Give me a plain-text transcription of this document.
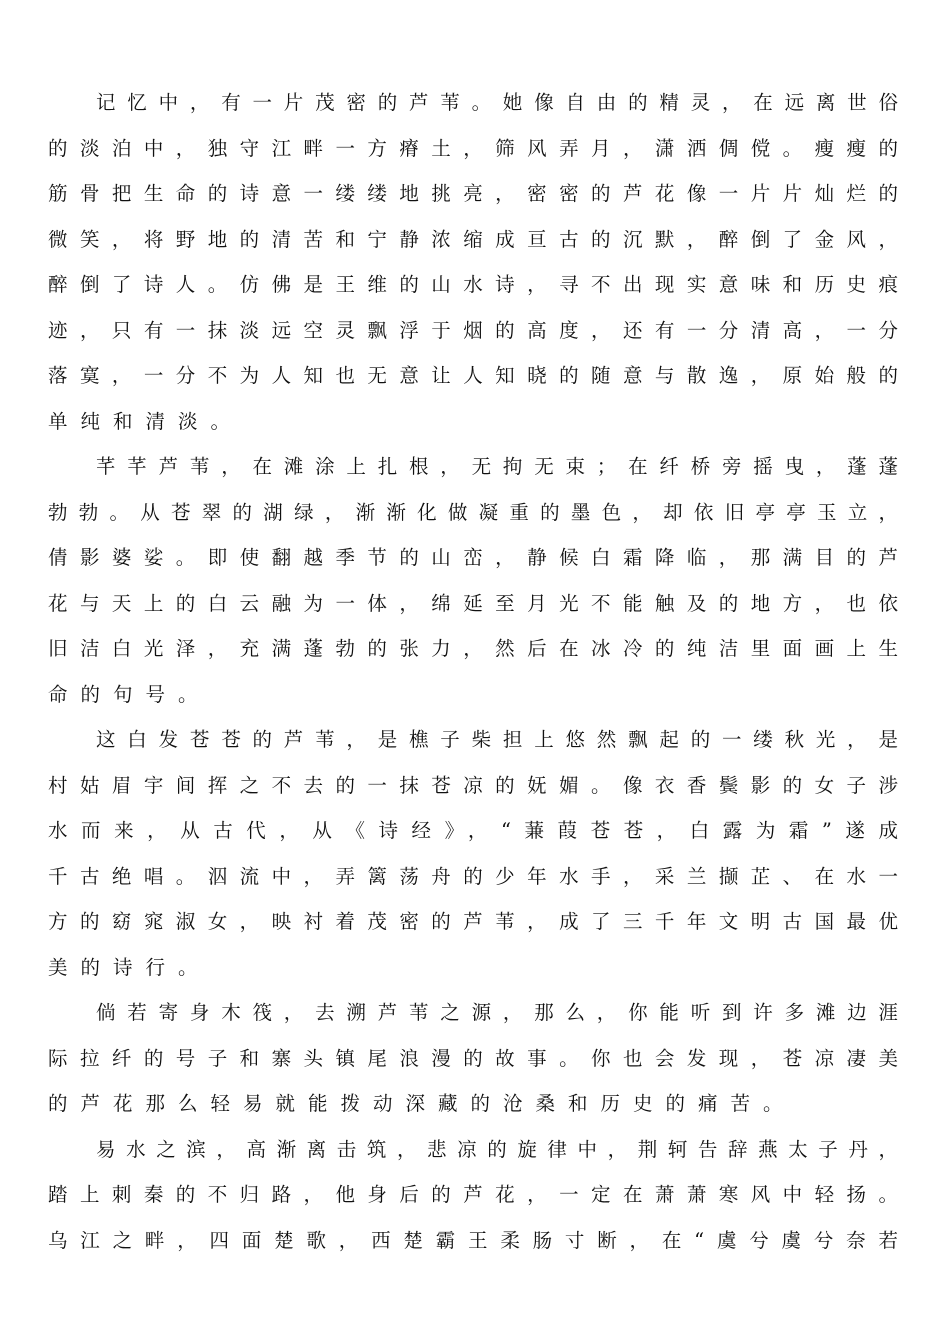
记忆中，有一片茂密的芦苇。她像自由的精灵，在远离世俗
的淡泊中，独守江畔一方瘠土，筛风弄月，潇洒倜傥。瘦瘦的
筋骨把生命的诗意一缕缕地挑亮，密密的芦花像一片片灿烂的
微笑，将野地的清苦和宁静浓缩成亘古的沉默，醉倒了金风，
醉倒了诗人。仿佛是王维的山水诗，寻不出现实意味和历史痕
迹，只有一抹淡远空灵飘浮于烟的高度，还有一分清高，一分
落寞，一分不为人知也无意让人知晓的随意与散逸，原始般的
单纯和清淡。
芊芊芦苇，在滩涂上扎根，无拘无束；在纤桥旁摇曳，蓬蓬
勃勃。从苍翠的湖绿，渐渐化做凝重的墨色，却依旧亭亭玉立，
倩影婆娑。即使翻越季节的山峦，静候白霜降临，那满目的芦
花与天上的白云融为一体，绵延至月光不能触及的地方，也依
旧洁白光泽，充满蓬勃的张力，然后在冰冷的纯洁里面画上生
命的句号。
这白发苍苍的芦苇，是樵子柴担上悠然飘起的一缕秋光，是
村姑眉宇间挥之不去的一抹苍凉的妩媚。像衣香鬓影的女子涉
水而来，从古代，从《诗经》，“蒹葭苍苍，白露为霜”遂成
千古绝唱。泅流中，弄篱荡舟的少年水手，采兰撷芷、在水一
方的窈窕淑女，映衬着茂密的芦苇，成了三千年文明古国最优
美的诗行。
倘若寄身木筏，去溯芦苇之源，那么，你能听到许多滩边涯
际拉纤的号子和寨头镇尾浪漫的故事。你也会发现，苍凉凄美
的芦花那么轻易就能拨动深藏的沧桑和历史的痛苦。
易水之滨，高渐离击筑，悲凉的旋律中，荆轲告辞燕太子丹，
踏上刺秦的不归路，他身后的芦花，一定在萧萧寒风中轻扬。
乌江之畔，四面楚歌，西楚霸王柔肠寸断，在“虞兮虞兮奈若
